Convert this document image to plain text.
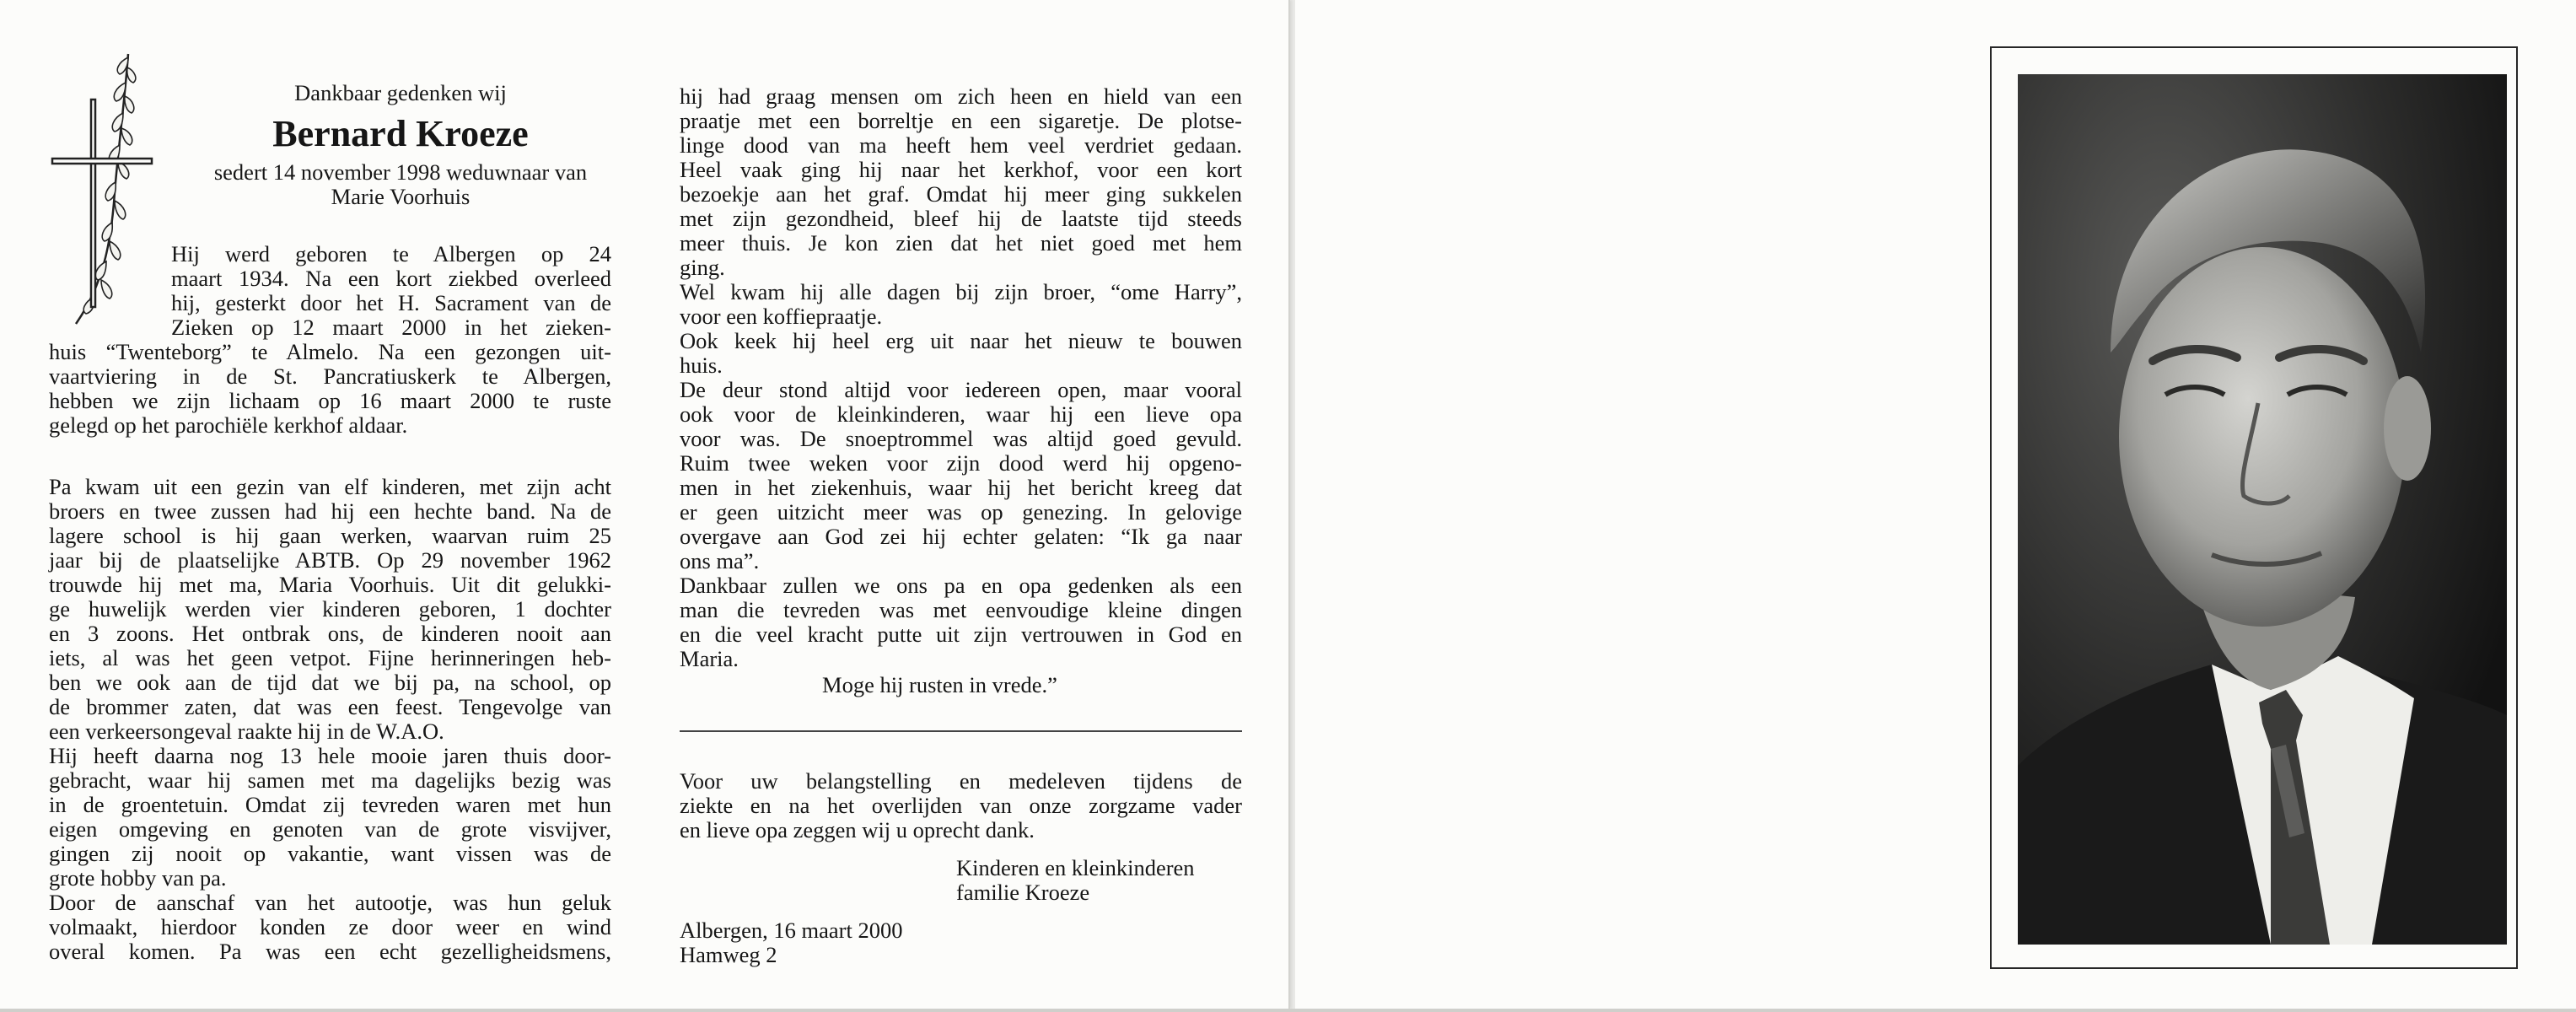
Dankbaar gedenken wij

Bernard Kroeze

sedert 14 november 1998 weduwnaar van

Marie Voorhuis

Hij werd geboren te Albergen op 24

maart 1934. Na een kort ziekbed overleed

hij, gesterkt door het H. Sacrament van de

Zieken op 12 maart 2000 in het zieken-

huis “Twenteborg” te Almelo. Na een gezongen uit-

vaartviering in de St. Pancratiuskerk te Albergen,

hebben we zijn lichaam op 16 maart 2000 te ruste

gelegd op het parochiële kerkhof aldaar.

Pa kwam uit een gezin van elf kinderen, met zijn acht

broers en twee zussen had hij een hechte band. Na de

lagere school is hij gaan werken, waarvan ruim 25

jaar bij de plaatselijke ABTB. Op 29 november 1962

trouwde hij met ma, Maria Voorhuis. Uit dit gelukki-

ge huwelijk werden vier kinderen geboren, 1 dochter

en 3 zoons. Het ontbrak ons, de kinderen nooit aan

iets, al was het geen vetpot. Fijne herinneringen heb-

ben we ook aan de tijd dat we bij pa, na school, op

de brommer zaten, dat was een feest. Tengevolge van

een verkeersongeval raakte hij in de W.A.O.

Hij heeft daarna nog 13 hele mooie jaren thuis door-

gebracht, waar hij samen met ma dagelijks bezig was

in de groentetuin. Omdat zij tevreden waren met hun

eigen omgeving en genoten van de grote visvijver,

gingen zij nooit op vakantie, want vissen was de

grote hobby van pa.

Door de aanschaf van het autootje, was hun geluk

volmaakt, hierdoor konden ze door weer en wind

overal komen. Pa was een echt gezelligheidsmens,

hij had graag mensen om zich heen en hield van een

praatje met een borreltje en een sigaretje. De plotse-

linge dood van ma heeft hem veel verdriet gedaan.

Heel vaak ging hij naar het kerkhof, voor een kort

bezoekje aan het graf. Omdat hij meer ging sukkelen

met zijn gezondheid, bleef hij de laatste tijd steeds

meer thuis. Je kon zien dat het niet goed met hem

ging.

Wel kwam hij alle dagen bij zijn broer, “ome Harry”,

voor een koffiepraatje.

Ook keek hij heel erg uit naar het nieuw te bouwen

huis.

De deur stond altijd voor iedereen open, maar vooral

ook voor de kleinkinderen, waar hij een lieve opa

voor was. De snoeptrommel was altijd goed gevuld.

Ruim twee weken voor zijn dood werd hij opgeno-

men in het ziekenhuis, waar hij het bericht kreeg dat

er geen uitzicht meer was op genezing. In gelovige

overgave aan God zei hij echter gelaten: “Ik ga naar

ons ma”.

Dankbaar zullen we ons pa en opa gedenken als een

man die tevreden was met eenvoudige kleine dingen

en die veel kracht putte uit zijn vertrouwen in God en

Maria.

Moge hij rusten in vrede.”

Voor uw belangstelling en medeleven tijdens de

ziekte en na het overlijden van onze zorgzame vader

en lieve opa zeggen wij u oprecht dank.

Kinderen en kleinkinderen

familie Kroeze

Albergen, 16 maart 2000

Hamweg 2
